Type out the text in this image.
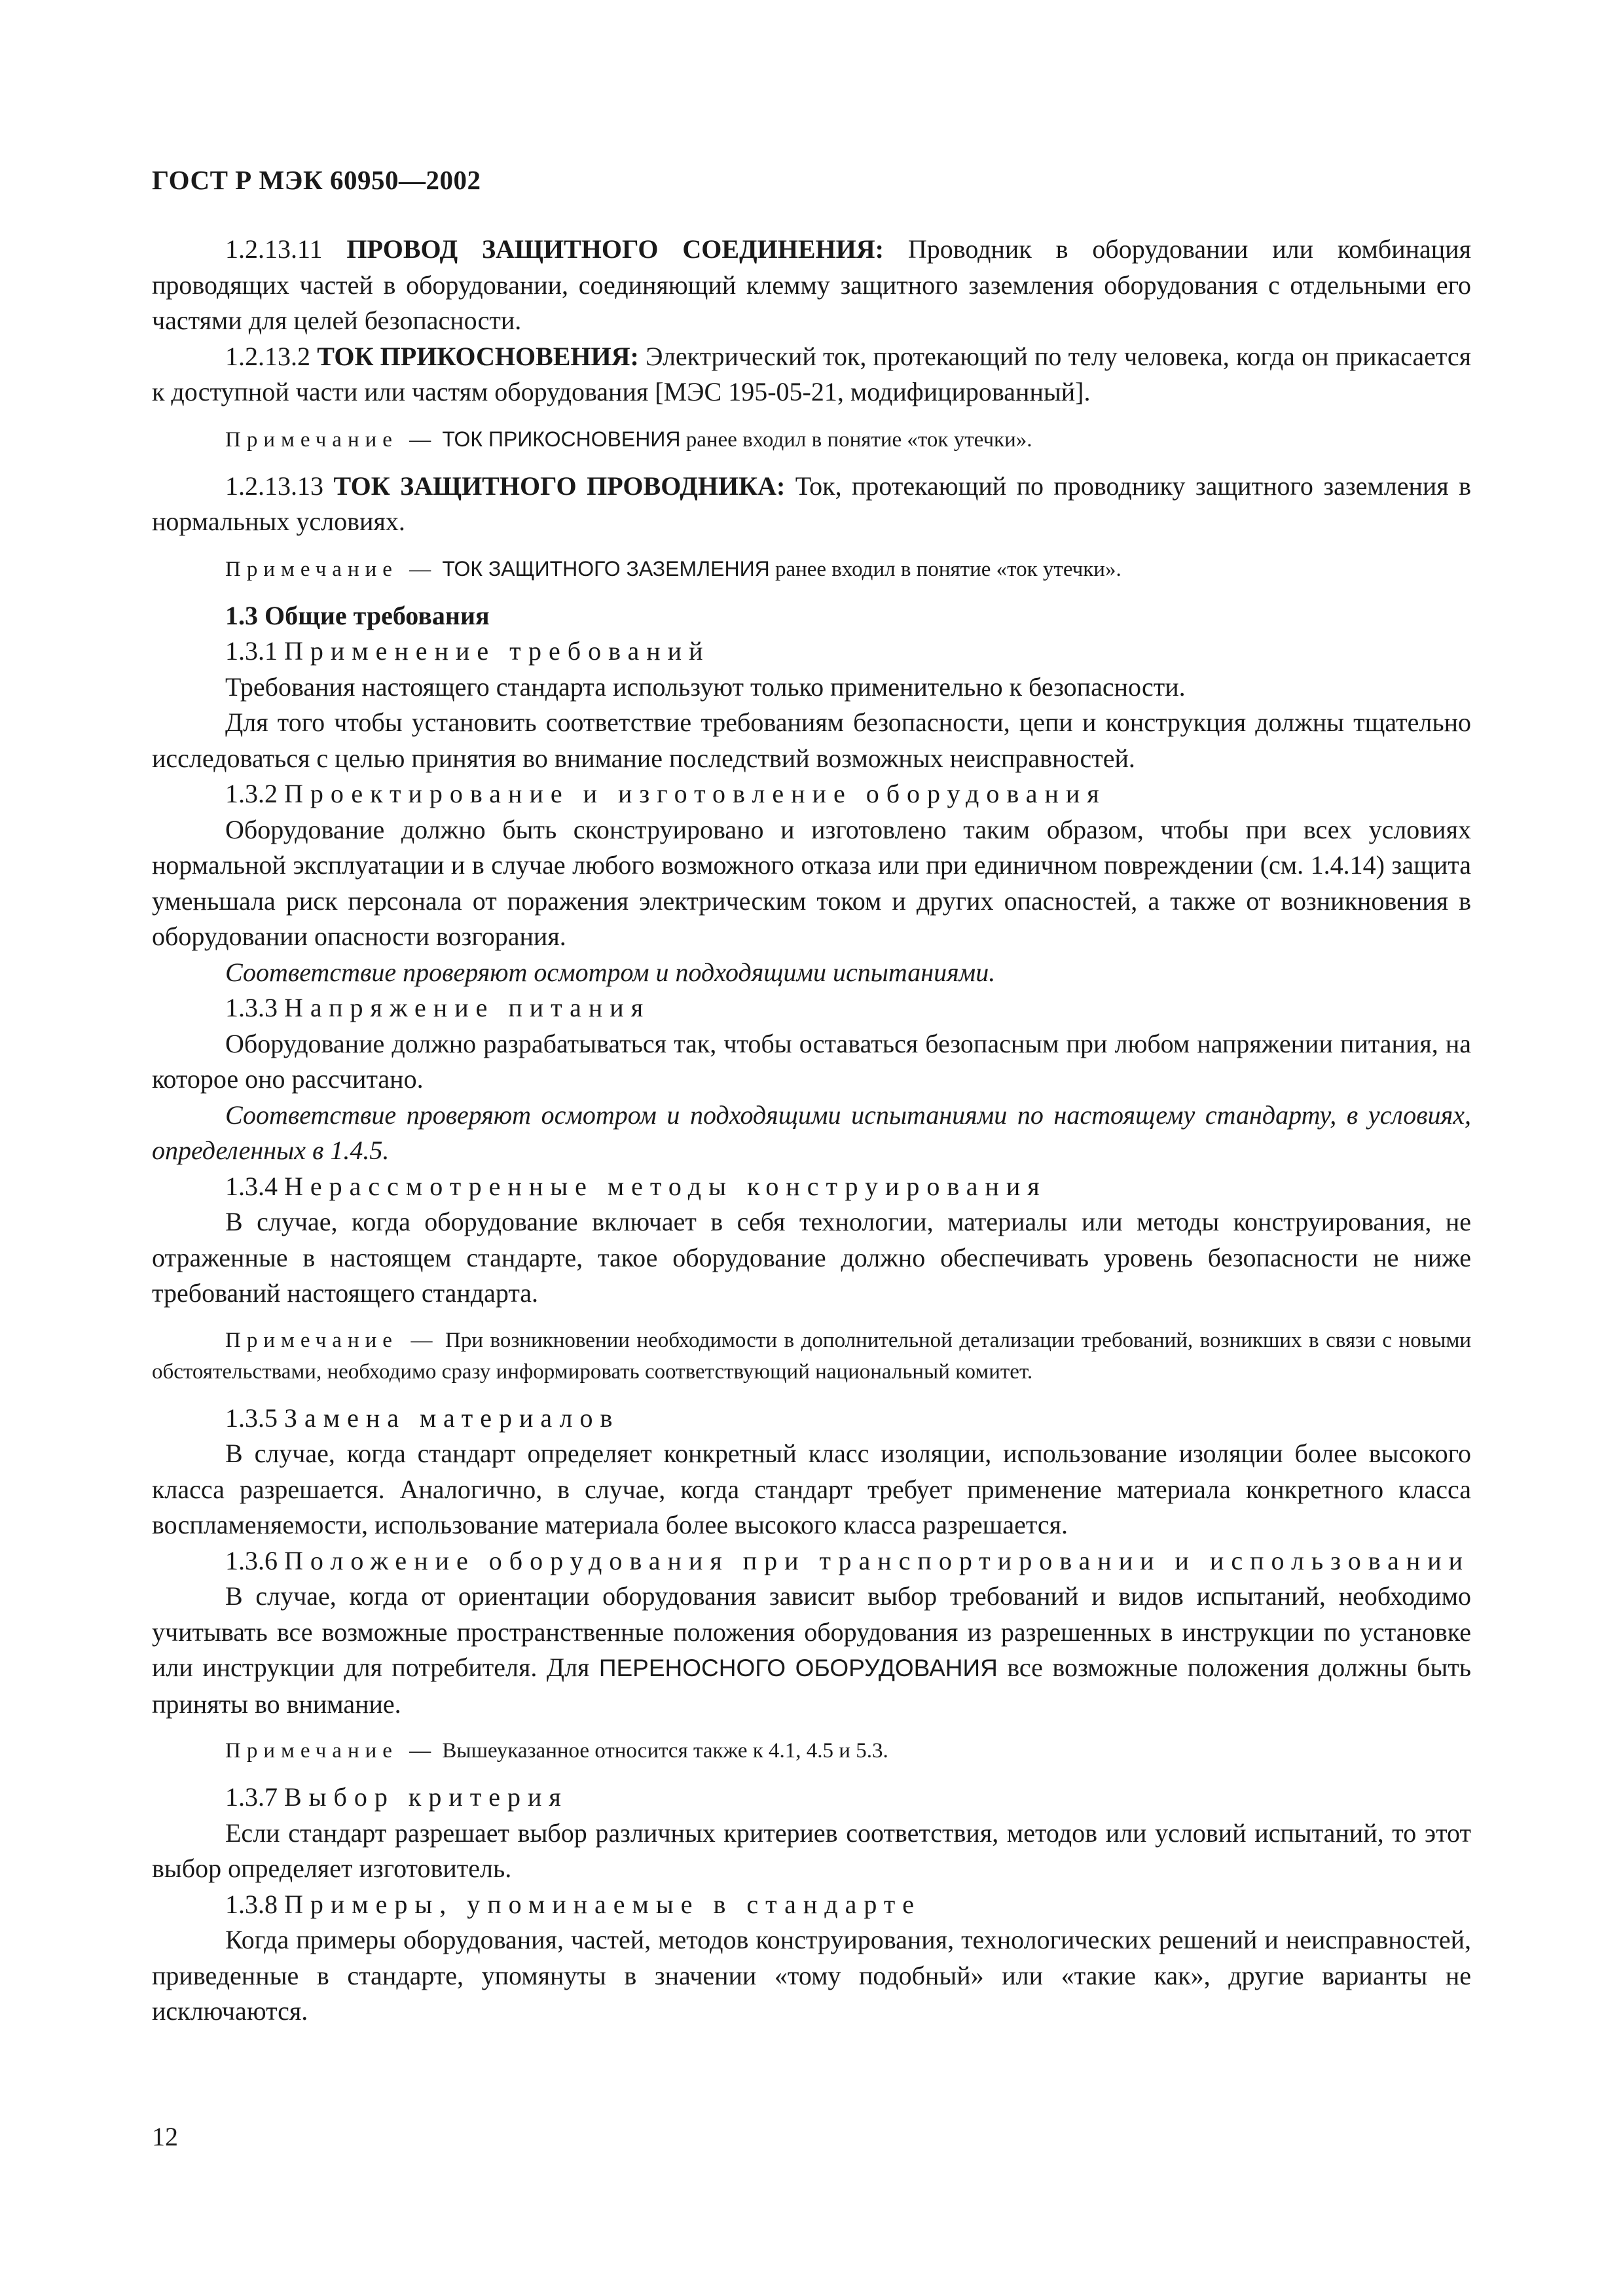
ГОСТ Р МЭК 60950—2002

1.2.13.11 ПРОВОД ЗАЩИТНОГО СОЕДИНЕНИЯ: Проводник в оборудовании или комбинация проводящих частей в оборудовании, соединяющий клемму защитного заземления оборудования с отдельными его частями для целей безопасности.

1.2.13.2 ТОК ПРИКОСНОВЕНИЯ: Электрический ток, протекающий по телу человека, когда он прикасается к доступной части или частям оборудования [МЭС 195-05-21, модифицированный].

Примечание — ТОК ПРИКОСНОВЕНИЯ ранее входил в понятие «ток утечки».

1.2.13.13 ТОК ЗАЩИТНОГО ПРОВОДНИКА: Ток, протекающий по проводнику защитного заземления в нормальных условиях.

Примечание — ТОК ЗАЩИТНОГО ЗАЗЕМЛЕНИЯ ранее входил в понятие «ток утечки».

1.3 Общие требования

1.3.1 Применение требований

Требования настоящего стандарта используют только применительно к безопасности.

Для того чтобы установить соответствие требованиям безопасности, цепи и конструкция должны тщательно исследоваться с целью принятия во внимание последствий возможных неисправностей.

1.3.2 Проектирование и изготовление оборудования

Оборудование должно быть сконструировано и изготовлено таким образом, чтобы при всех условиях нормальной эксплуатации и в случае любого возможного отказа или при единичном повреждении (см. 1.4.14) защита уменьшала риск персонала от поражения электрическим током и других опасностей, а также от возникновения в оборудовании опасности возгорания.

Соответствие проверяют осмотром и подходящими испытаниями.

1.3.3 Напряжение питания

Оборудование должно разрабатываться так, чтобы оставаться безопасным при любом напряжении питания, на которое оно рассчитано.

Соответствие проверяют осмотром и подходящими испытаниями по настоящему стандарту, в условиях, определенных в 1.4.5.

1.3.4 Нерассмотренные методы конструирования

В случае, когда оборудование включает в себя технологии, материалы или методы конструирования, не отраженные в настоящем стандарте, такое оборудование должно обеспечивать уровень безопасности не ниже требований настоящего стандарта.

Примечание — При возникновении необходимости в дополнительной детализации требований, возникших в связи с новыми обстоятельствами, необходимо сразу информировать соответствующий национальный комитет.

1.3.5 Замена материалов

В случае, когда стандарт определяет конкретный класс изоляции, использование изоляции более высокого класса разрешается. Аналогично, в случае, когда стандарт требует применение материала конкретного класса воспламеняемости, использование материала более высокого класса разрешается.

1.3.6 Положение оборудования при транспортировании и использовании

В случае, когда от ориентации оборудования зависит выбор требований и видов испытаний, необходимо учитывать все возможные пространственные положения оборудования из разрешенных в инструкции по установке или инструкции для потребителя. Для ПЕРЕНОСНОГО ОБОРУДОВАНИЯ все возможные положения должны быть приняты во внимание.

Примечание — Вышеуказанное относится также к 4.1, 4.5 и 5.3.

1.3.7 Выбор критерия

Если стандарт разрешает выбор различных критериев соответствия, методов или условий испытаний, то этот выбор определяет изготовитель.

1.3.8 Примеры, упоминаемые в стандарте

Когда примеры оборудования, частей, методов конструирования, технологических решений и неисправностей, приведенные в стандарте, упомянуты в значении «тому подобный» или «такие как», другие варианты не исключаются.

12
